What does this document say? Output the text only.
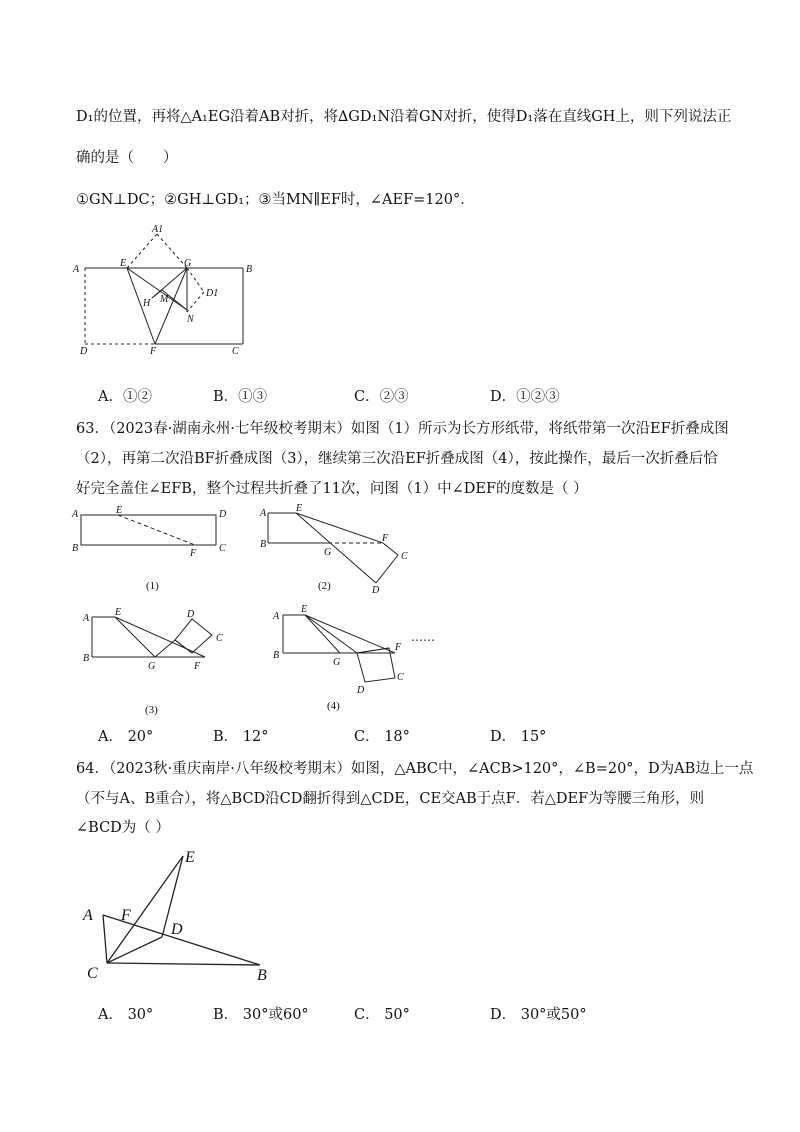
D₁的位置，再将△A₁EG沿着AB对折，将∆GD₁N沿着GN对折，使得D₁落在直线GH上，则下列说法正
确的是（　　）
①GN⊥DC；②GH⊥GD₁；③当MN∥EF时，∠AEF=120°．
A
E
A1
G
B
D1
H M
N
D	F	C
A．①②	B．①③	C．②③	D．①②③
63．（2023春·湖南永州·七年级校考期末）如图（1）所示为长方形纸带，将纸带第一次沿EF折叠成图
（2），再第二次沿BF折叠成图（3），继续第三次沿EF折叠成图（4），按此操作，最后一次折叠后恰
好完全盖住∠EFB，整个过程共折叠了11次，问图（1）中∠DEF的度数是（ ）
A	E	D
B	F C
(1)
A	E
B
G
F
C
D
(2)
A
E	D
C
B
G	F
(3)
A
E
B
G
F
C
D
(4)
……
A． 20°	B． 12°	C． 18°	D． 15°
64．（2023秋·重庆南岸·八年级校考期末）如图，△ABC中，∠ACB>120°，∠B=20°，D为AB边上一点
（不与A、B重合），将△BCD沿CD翻折得到△CDE，CE交AB于点F．若△DEF为等腰三角形，则
∠BCD为（ ）
E
A F
D
C	B
A． 30°	B． 30°或60°	C． 50°	D． 30°或50°
